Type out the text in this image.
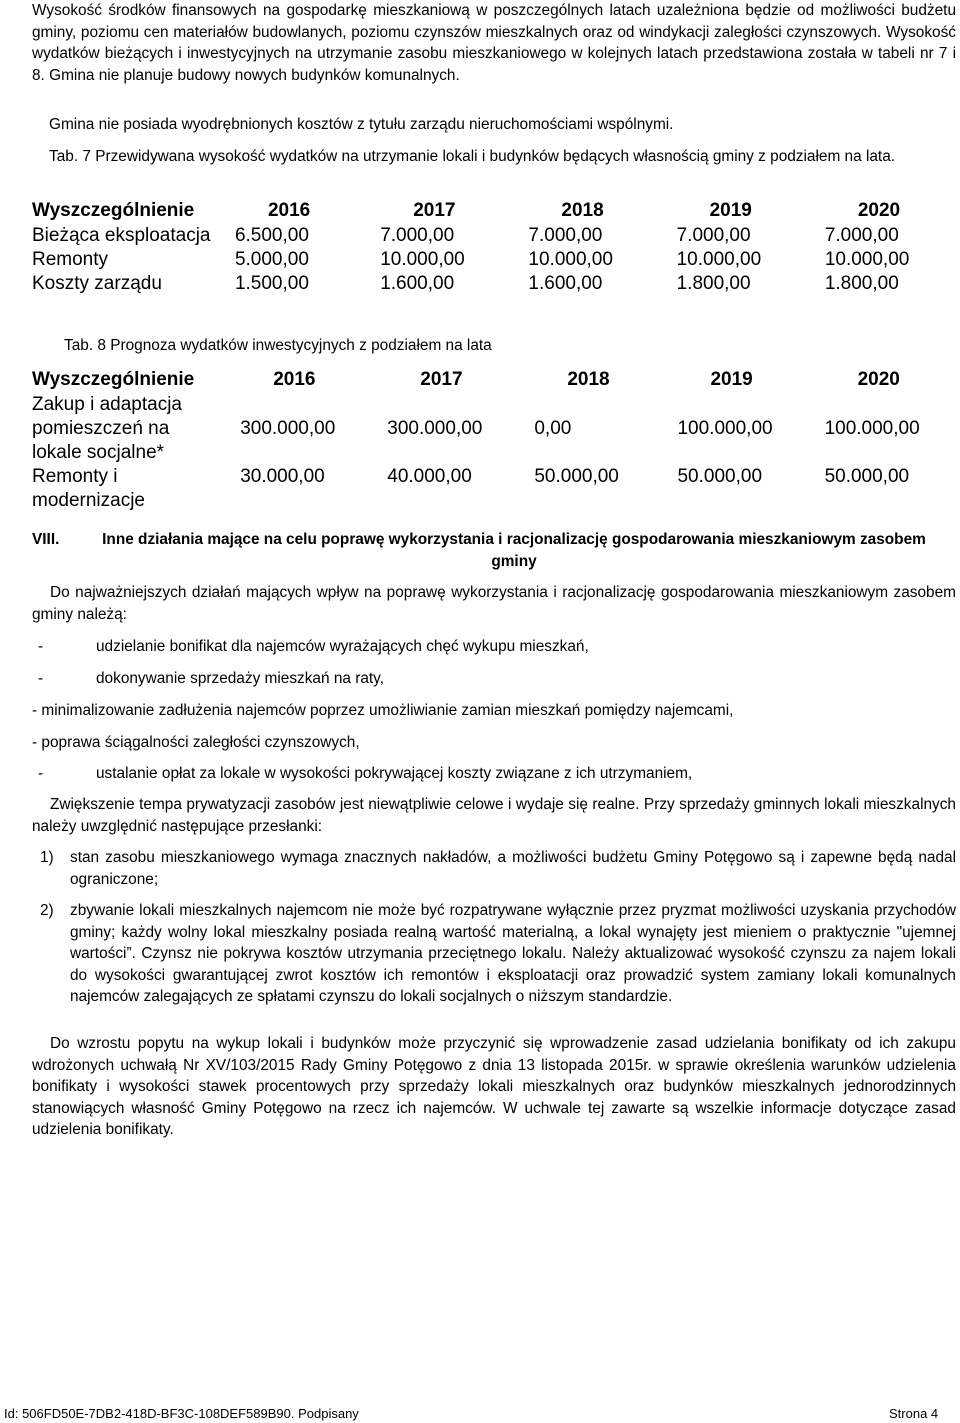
Wysokość środków finansowych na gospodarkę mieszkaniową w poszczególnych latach uzależniona będzie od możliwości budżetu gminy, poziomu cen materiałów budowlanych, poziomu czynszów mieszkalnych oraz od windykacji zaległości czynszowych. Wysokość wydatków bieżących i inwestycyjnych na utrzymanie zasobu mieszkaniowego w kolejnych latach przedstawiona została w tabeli nr 7 i 8. Gmina nie planuje budowy nowych budynków komunalnych.

Gmina nie posiada wyodrębnionych kosztów z tytułu zarządu nieruchomościami wspólnymi.

Tab. 7 Przewidywana wysokość wydatków na utrzymanie lokali i budynków będących własnością gminy z podziałem na lata.

Wyszczególnienie	2016	2017	2018	2019	2020
Bieżąca eksploatacja	6.500,00	7.000,00	7.000,00	7.000,00	7.000,00
Remonty	5.000,00	10.000,00	10.000,00	10.000,00	10.000,00
Koszty zarządu	1.500,00	1.600,00	1.600,00	1.800,00	1.800,00

Tab. 8 Prognoza wydatków inwestycyjnych z podziałem na lata

Wyszczególnienie	2016	2017	2018	2019	2020

Zakup i adaptacja pomieszczeń na lokale socjalne*	300.000,00	300.000,00	0,00	100.000,00	100.000,00

Remonty i modernizacje	30.000,00	40.000,00	50.000,00	50.000,00	50.000,00
VIII.	Inne działania mające na celu poprawę wykorzystania i racjonalizację gospodarowania mieszkaniowym zasobem gminy

Do najważniejszych działań mających wpływ na poprawę wykorzystania i racjonalizację gospodarowania mieszkaniowym zasobem gminy należą:

-	udzielanie bonifikat dla najemców wyrażających chęć wykupu mieszkań,
-	dokonywanie sprzedaży mieszkań na raty,
- minimalizowanie zadłużenia najemców poprzez umożliwianie zamian mieszkań pomiędzy najemcami,
- poprawa ściągalności zaległości czynszowych,
-	ustalanie opłat za lokale w wysokości pokrywającej koszty związane z ich utrzymaniem,

Zwiększenie tempa prywatyzacji zasobów jest niewątpliwie celowe i wydaje się realne. Przy sprzedaży gminnych lokali mieszkalnych należy uwzględnić następujące przesłanki:

1) stan zasobu mieszkaniowego wymaga znacznych nakładów, a możliwości budżetu Gminy Potęgowo są i zapewne będą nadal ograniczone;

2) zbywanie lokali mieszkalnych najemcom nie może być rozpatrywane wyłącznie przez pryzmat możliwości uzyskania przychodów gminy; każdy wolny lokal mieszkalny posiada realną wartość materialną, a lokal wynajęty jest mieniem o praktycznie "ujemnej wartości”. Czynsz nie pokrywa kosztów utrzymania przeciętnego lokalu. Należy aktualizować wysokość czynszu za najem lokali do wysokości gwarantującej zwrot kosztów ich remontów i eksploatacji oraz prowadzić system zamiany lokali komunalnych najemców zalegających ze spłatami czynszu do lokali socjalnych o niższym standardzie.

Do wzrostu popytu na wykup lokali i budynków może przyczynić się wprowadzenie zasad udzielania bonifikaty od ich zakupu wdrożonych uchwałą Nr XV/103/2015 Rady Gminy Potęgowo z dnia 13 listopada 2015r. w sprawie określenia warunków udzielenia bonifikaty i wysokości stawek procentowych przy sprzedaży lokali mieszkalnych oraz budynków mieszkalnych jednorodzinnych stanowiących własność Gminy Potęgowo na rzecz ich najemców. W uchwale tej zawarte są wszelkie informacje dotyczące zasad udzielenia bonifikaty.

Id: 506FD50E-7DB2-418D-BF3C-108DEF589B90. Podpisany	Strona 4
